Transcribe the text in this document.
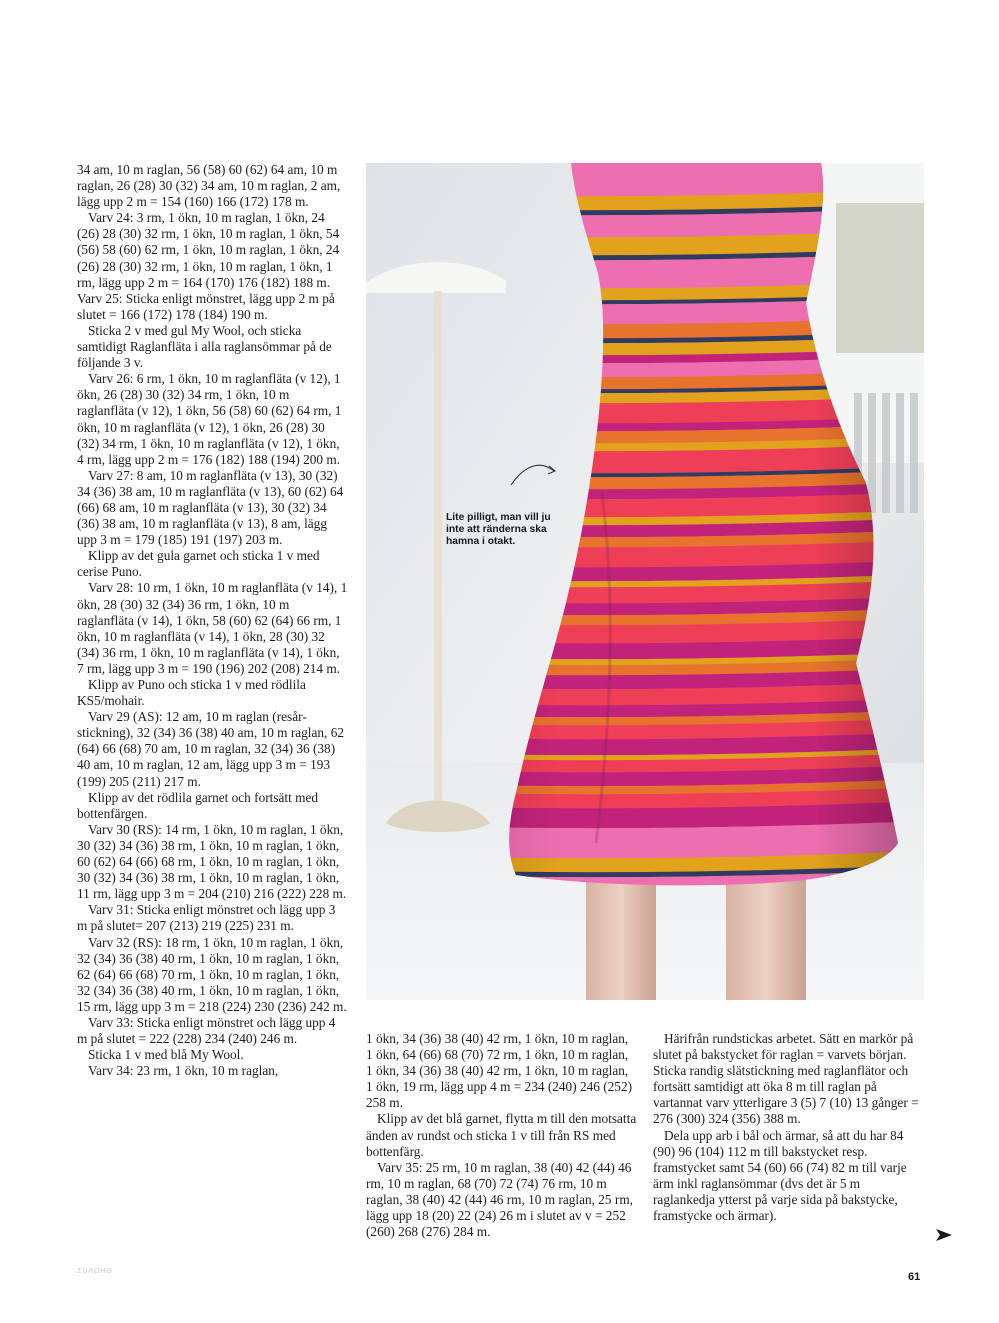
34 am, 10 m raglan, 56 (58) 60 (62) 64 am, 10 m raglan, 26 (28) 30 (32) 34 am, 10 m raglan, 2 am, lägg upp 2 m = 154 (160) 166 (172) 178 m.

Varv 24: 3 rm, 1 ökn, 10 m raglan, 1 ökn, 24 (26) 28 (30) 32 rm, 1 ökn, 10 m raglan, 1 ökn, 54 (56) 58 (60) 62 rm, 1 ökn, 10 m raglan, 1 ökn, 24 (26) 28 (30) 32 rm, 1 ökn, 10 m raglan, 1 ökn, 1 rm, lägg upp 2 m = 164 (170) 176 (182) 188 m. Varv 25: Sticka enligt mönstret, lägg upp 2 m på slutet = 166 (172) 178 (184) 190 m.

Sticka 2 v med gul My Wool, och sticka samtidigt Raglanfläta i alla raglansömmar på de följande 3 v.

Varv 26: 6 rm, 1 ökn, 10 m raglanfläta (v 12), 1 ökn, 26 (28) 30 (32) 34 rm, 1 ökn, 10 m raglanfläta (v 12), 1 ökn, 56 (58) 60 (62) 64 rm, 1 ökn, 10 m raglanfläta (v 12), 1 ökn, 26 (28) 30 (32) 34 rm, 1 ökn, 10 m raglanfläta (v 12), 1 ökn, 4 rm, lägg upp 2 m = 176 (182) 188 (194) 200 m.

Varv 27: 8 am, 10 m raglanfläta (v 13), 30 (32) 34 (36) 38 am, 10 m raglanfläta (v 13), 60 (62) 64 (66) 68 am, 10 m raglanfläta (v 13), 30 (32) 34 (36) 38 am, 10 m raglanfläta (v 13), 8 am, lägg upp 3 m = 179 (185) 191 (197) 203 m.

Klipp av det gula garnet och sticka 1 v med cerise Puno.

Varv 28: 10 rm, 1 ökn, 10 m raglanfläta (v 14), 1 ökn, 28 (30) 32 (34) 36 rm, 1 ökn, 10 m raglanfläta (v 14), 1 ökn, 58 (60) 62 (64) 66 rm, 1 ökn, 10 m raglanfläta (v 14), 1 ökn, 28 (30) 32 (34) 36 rm, 1 ökn, 10 m raglanfläta (v 14), 1 ökn, 7 rm, lägg upp 3 m = 190 (196) 202 (208) 214 m.

Klipp av Puno och sticka 1 v med rödlila KS5/mohair.

Varv 29 (AS): 12 am, 10 m raglan (resårstickning), 32 (34) 36 (38) 40 am, 10 m raglan, 62 (64) 66 (68) 70 am, 10 m raglan, 32 (34) 36 (38) 40 am, 10 m raglan, 12 am, lägg upp 3 m = 193 (199) 205 (211) 217 m.

Klipp av det rödlila garnet och fortsätt med bottenfärgen.

Varv 30 (RS): 14 rm, 1 ökn, 10 m raglan, 1 ökn, 30 (32) 34 (36) 38 rm, 1 ökn, 10 m raglan, 1 ökn, 60 (62) 64 (66) 68 rm, 1 ökn, 10 m raglan, 1 ökn, 30 (32) 34 (36) 38 rm, 1 ökn, 10 m raglan, 1 ökn, 11 rm, lägg upp 3 m = 204 (210) 216 (222) 228 m.

Varv 31: Sticka enligt mönstret och lägg upp 3 m på slutet= 207 (213) 219 (225) 231 m.

Varv 32 (RS): 18 rm, 1 ökn, 10 m raglan, 1 ökn, 32 (34) 36 (38) 40 rm, 1 ökn, 10 m raglan, 1 ökn, 62 (64) 66 (68) 70 rm, 1 ökn, 10 m raglan, 1 ökn, 32 (34) 36 (38) 40 rm, 1 ökn, 10 m raglan, 1 ökn, 15 rm, lägg upp 3 m = 218 (224) 230 (236) 242 m.

Varv 33: Sticka enligt mönstret och lägg upp 4 m på slutet = 222 (228) 234 (240) 246 m.

Sticka 1 v med blå My Wool.

Varv 34: 23 rm, 1 ökn, 10 m raglan,

Lite pilligt, man vill ju inte att ränderna ska hamna i otakt.

1 ökn, 34 (36) 38 (40) 42 rm, 1 ökn, 10 m raglan, 1 ökn, 64 (66) 68 (70) 72 rm, 1 ökn, 10 m raglan, 1 ökn, 34 (36) 38 (40) 42 rm, 1 ökn, 10 m raglan, 1 ökn, 19 rm, lägg upp 4 m = 234 (240) 246 (252) 258 m.

Klipp av det blå garnet, flytta m till den motsatta änden av rundst och sticka 1 v till från RS med bottenfärg.

Varv 35: 25 rm, 10 m raglan, 38 (40) 42 (44) 46 rm, 10 m raglan, 68 (70) 72 (74) 76 rm, 10 m raglan, 38 (40) 42 (44) 46 rm, 10 m raglan, 25 rm, lägg upp 18 (20) 22 (24) 26 m i slutet av v = 252 (260) 268 (276) 284 m.

Härifrån rundstickas arbetet. Sätt en markör på slutet på bakstycket för raglan = varvets början. Sticka randig slätstickning med raglanflätor och fortsätt samtidigt att öka 8 m till raglan på vartannat varv ytterligare 3 (5) 7 (10) 13 gånger = 276 (300) 324 (356) 388 m.

Dela upp arb i bål och ärmar, så att du har 84 (90) 96 (104) 112 m till bakstycket resp. framstycket samt 54 (60) 66 (74) 82 m till varje ärm inkl raglansömmar (dvs det är 5 m raglankedja ytterst på varje sida på bakstycke, framstycke och ärmar).

ΣUΛΩΗΘ	61
